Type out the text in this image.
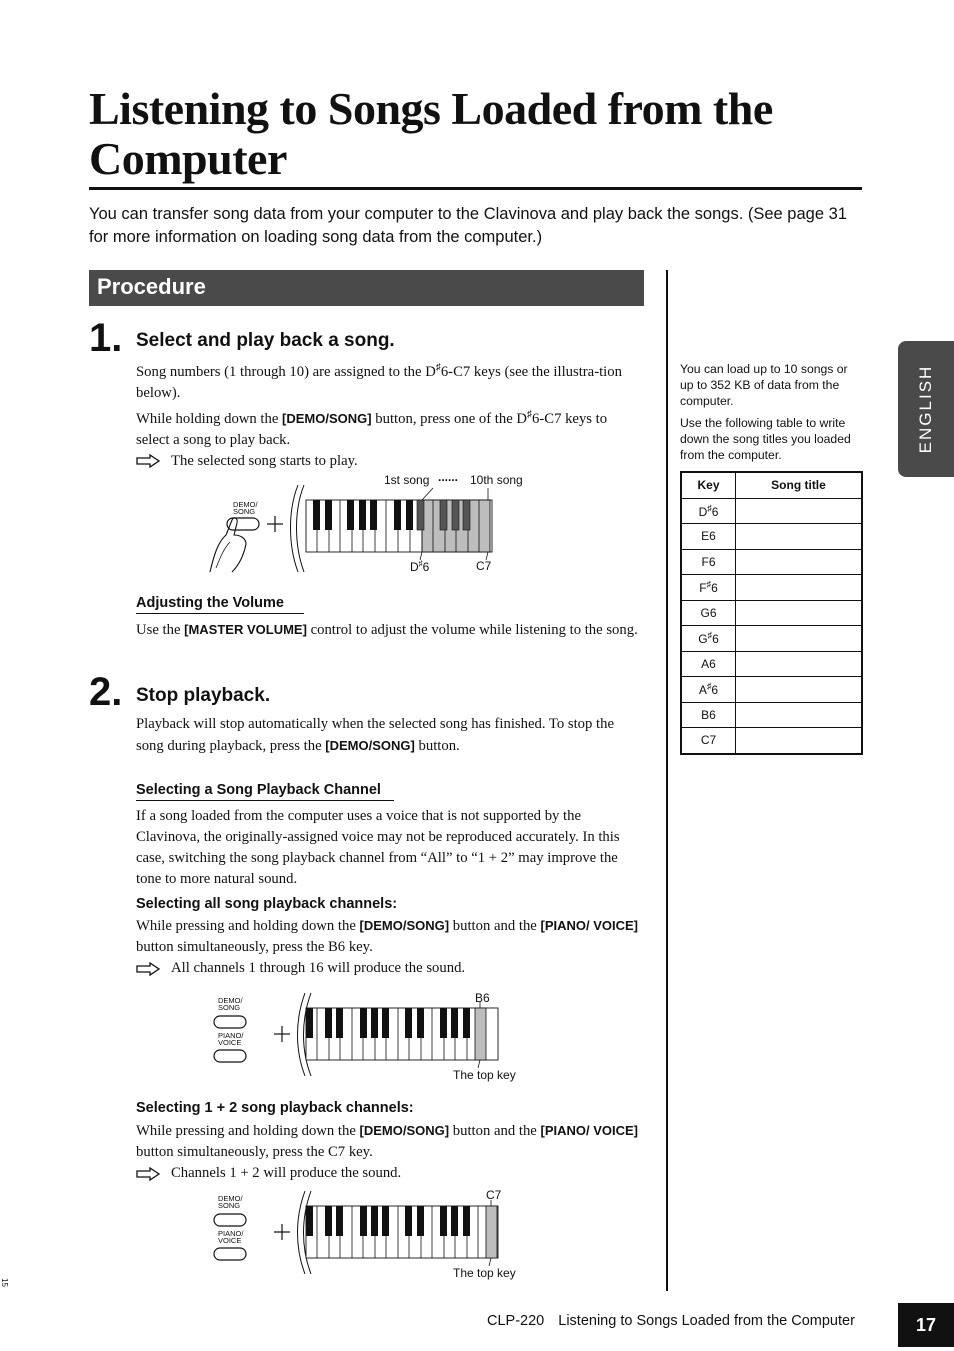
Listening to Songs Loaded from the Computer
You can transfer song data from your computer to the Clavinova and play back the songs. (See page 31 for more information on loading song data from the computer.)
Procedure
1. Select and play back a song.
Song numbers (1 through 10) are assigned to the D♯6-C7 keys (see the illustra-tion below).
While holding down the [DEMO/SONG] button, press one of the D♯6-C7 keys to select a song to play back.
The selected song starts to play.
1st song ...... 10th song
DEMO/
SONG
D♯6	C7
Adjusting the Volume
Use the [MASTER VOLUME] control to adjust the volume while listening to the song.
2. Stop playback.
Playback will stop automatically when the selected song has finished. To stop the song during playback, press the [DEMO/SONG] button.
Selecting a Song Playback Channel
If a song loaded from the computer uses a voice that is not supported by the Clavinova, the originally-assigned voice may not be reproduced accurately. In this case, switching the song playback channel from “All” to “1 + 2” may improve the tone to more natural sound.
Selecting all song playback channels:
While pressing and holding down the [DEMO/SONG] button and the [PIANO/ VOICE] button simultaneously, press the B6 key.
All channels 1 through 16 will produce the sound.
B6
DEMO/
SONG
PIANO/
VOICE
The top key
Selecting 1 + 2 song playback channels:
While pressing and holding down the [DEMO/SONG] button and the [PIANO/ VOICE] button simultaneously, press the C7 key.
Channels 1 + 2 will produce the sound.
C7
DEMO/
SONG
PIANO/
VOICE
The top key

You can load up to 10 songs or up to 352 KB of data from the computer.

Use the following table to write down the song titles you loaded from the computer.

Key	Song title
D♯6	
E6	
F6	
F♯6	
G6	
G♯6	
A6	
A♯6	
B6	
C7	
ENGLISH
15
CLP-220 Listening to Songs Loaded from the Computer	17
